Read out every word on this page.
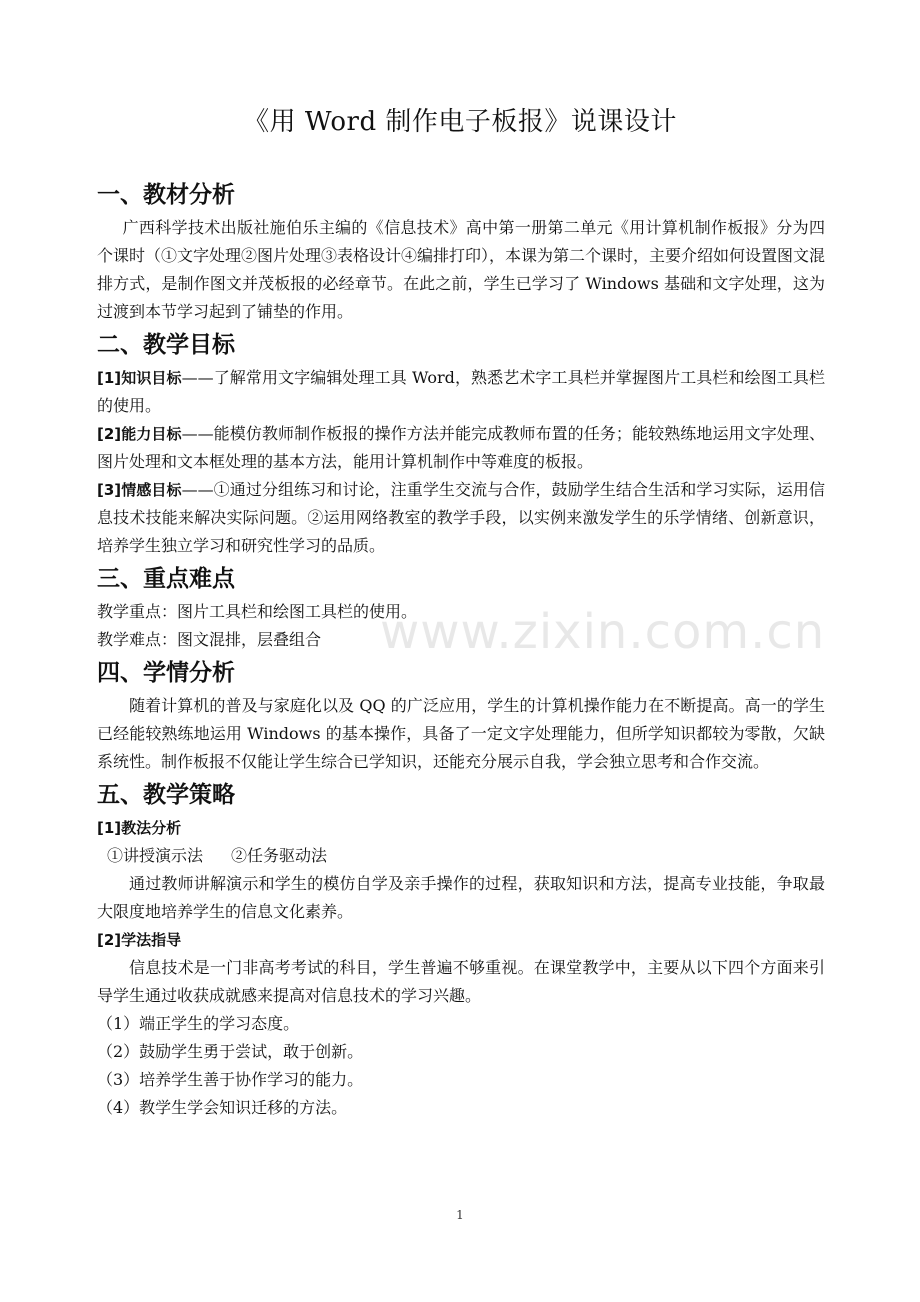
《用 Word 制作电子板报》说课设计
一、教材分析

广西科学技术出版社施伯乐主编的《信息技术》高中第一册第二单元《用计算机制作板报》分为四个课时（①文字处理②图片处理③表格设计④编排打印），本课为第二个课时，主要介绍如何设置图文混排方式，是制作图文并茂板报的必经章节。在此之前，学生已学习了 Windows 基础和文字处理，这为过渡到本节学习起到了铺垫的作用。

二、教学目标

[1]知识目标——了解常用文字编辑处理工具 Word，熟悉艺术字工具栏并掌握图片工具栏和绘图工具栏的使用。

[2]能力目标——能模仿教师制作板报的操作方法并能完成教师布置的任务；能较熟练地运用文字处理、图片处理和文本框处理的基本方法，能用计算机制作中等难度的板报。

[3]情感目标——①通过分组练习和讨论，注重学生交流与合作，鼓励学生结合生活和学习实际，运用信息技术技能来解决实际问题。②运用网络教室的教学手段，以实例来激发学生的乐学情绪、创新意识，培养学生独立学习和研究性学习的品质。

三、重点难点

教学重点：图片工具栏和绘图工具栏的使用。

教学难点：图文混排，层叠组合

四、学情分析

随着计算机的普及与家庭化以及 QQ 的广泛应用，学生的计算机操作能力在不断提高。高一的学生已经能较熟练地运用 Windows 的基本操作，具备了一定文字处理能力，但所学知识都较为零散，欠缺系统性。制作板报不仅能让学生综合已学知识，还能充分展示自我，学会独立思考和合作交流。

五、教学策略

[1]教法分析

①讲授演示法 ②任务驱动法

通过教师讲解演示和学生的模仿自学及亲手操作的过程，获取知识和方法，提高专业技能，争取最大限度地培养学生的信息文化素养。

[2]学法指导

信息技术是一门非高考考试的科目，学生普遍不够重视。在课堂教学中，主要从以下四个方面来引导学生通过收获成就感来提高对信息技术的学习兴趣。

（1）端正学生的学习态度。

（2）鼓励学生勇于尝试，敢于创新。

（3）培养学生善于协作学习的能力。

（4）教学生学会知识迁移的方法。

www.zixin.com.cn
1
